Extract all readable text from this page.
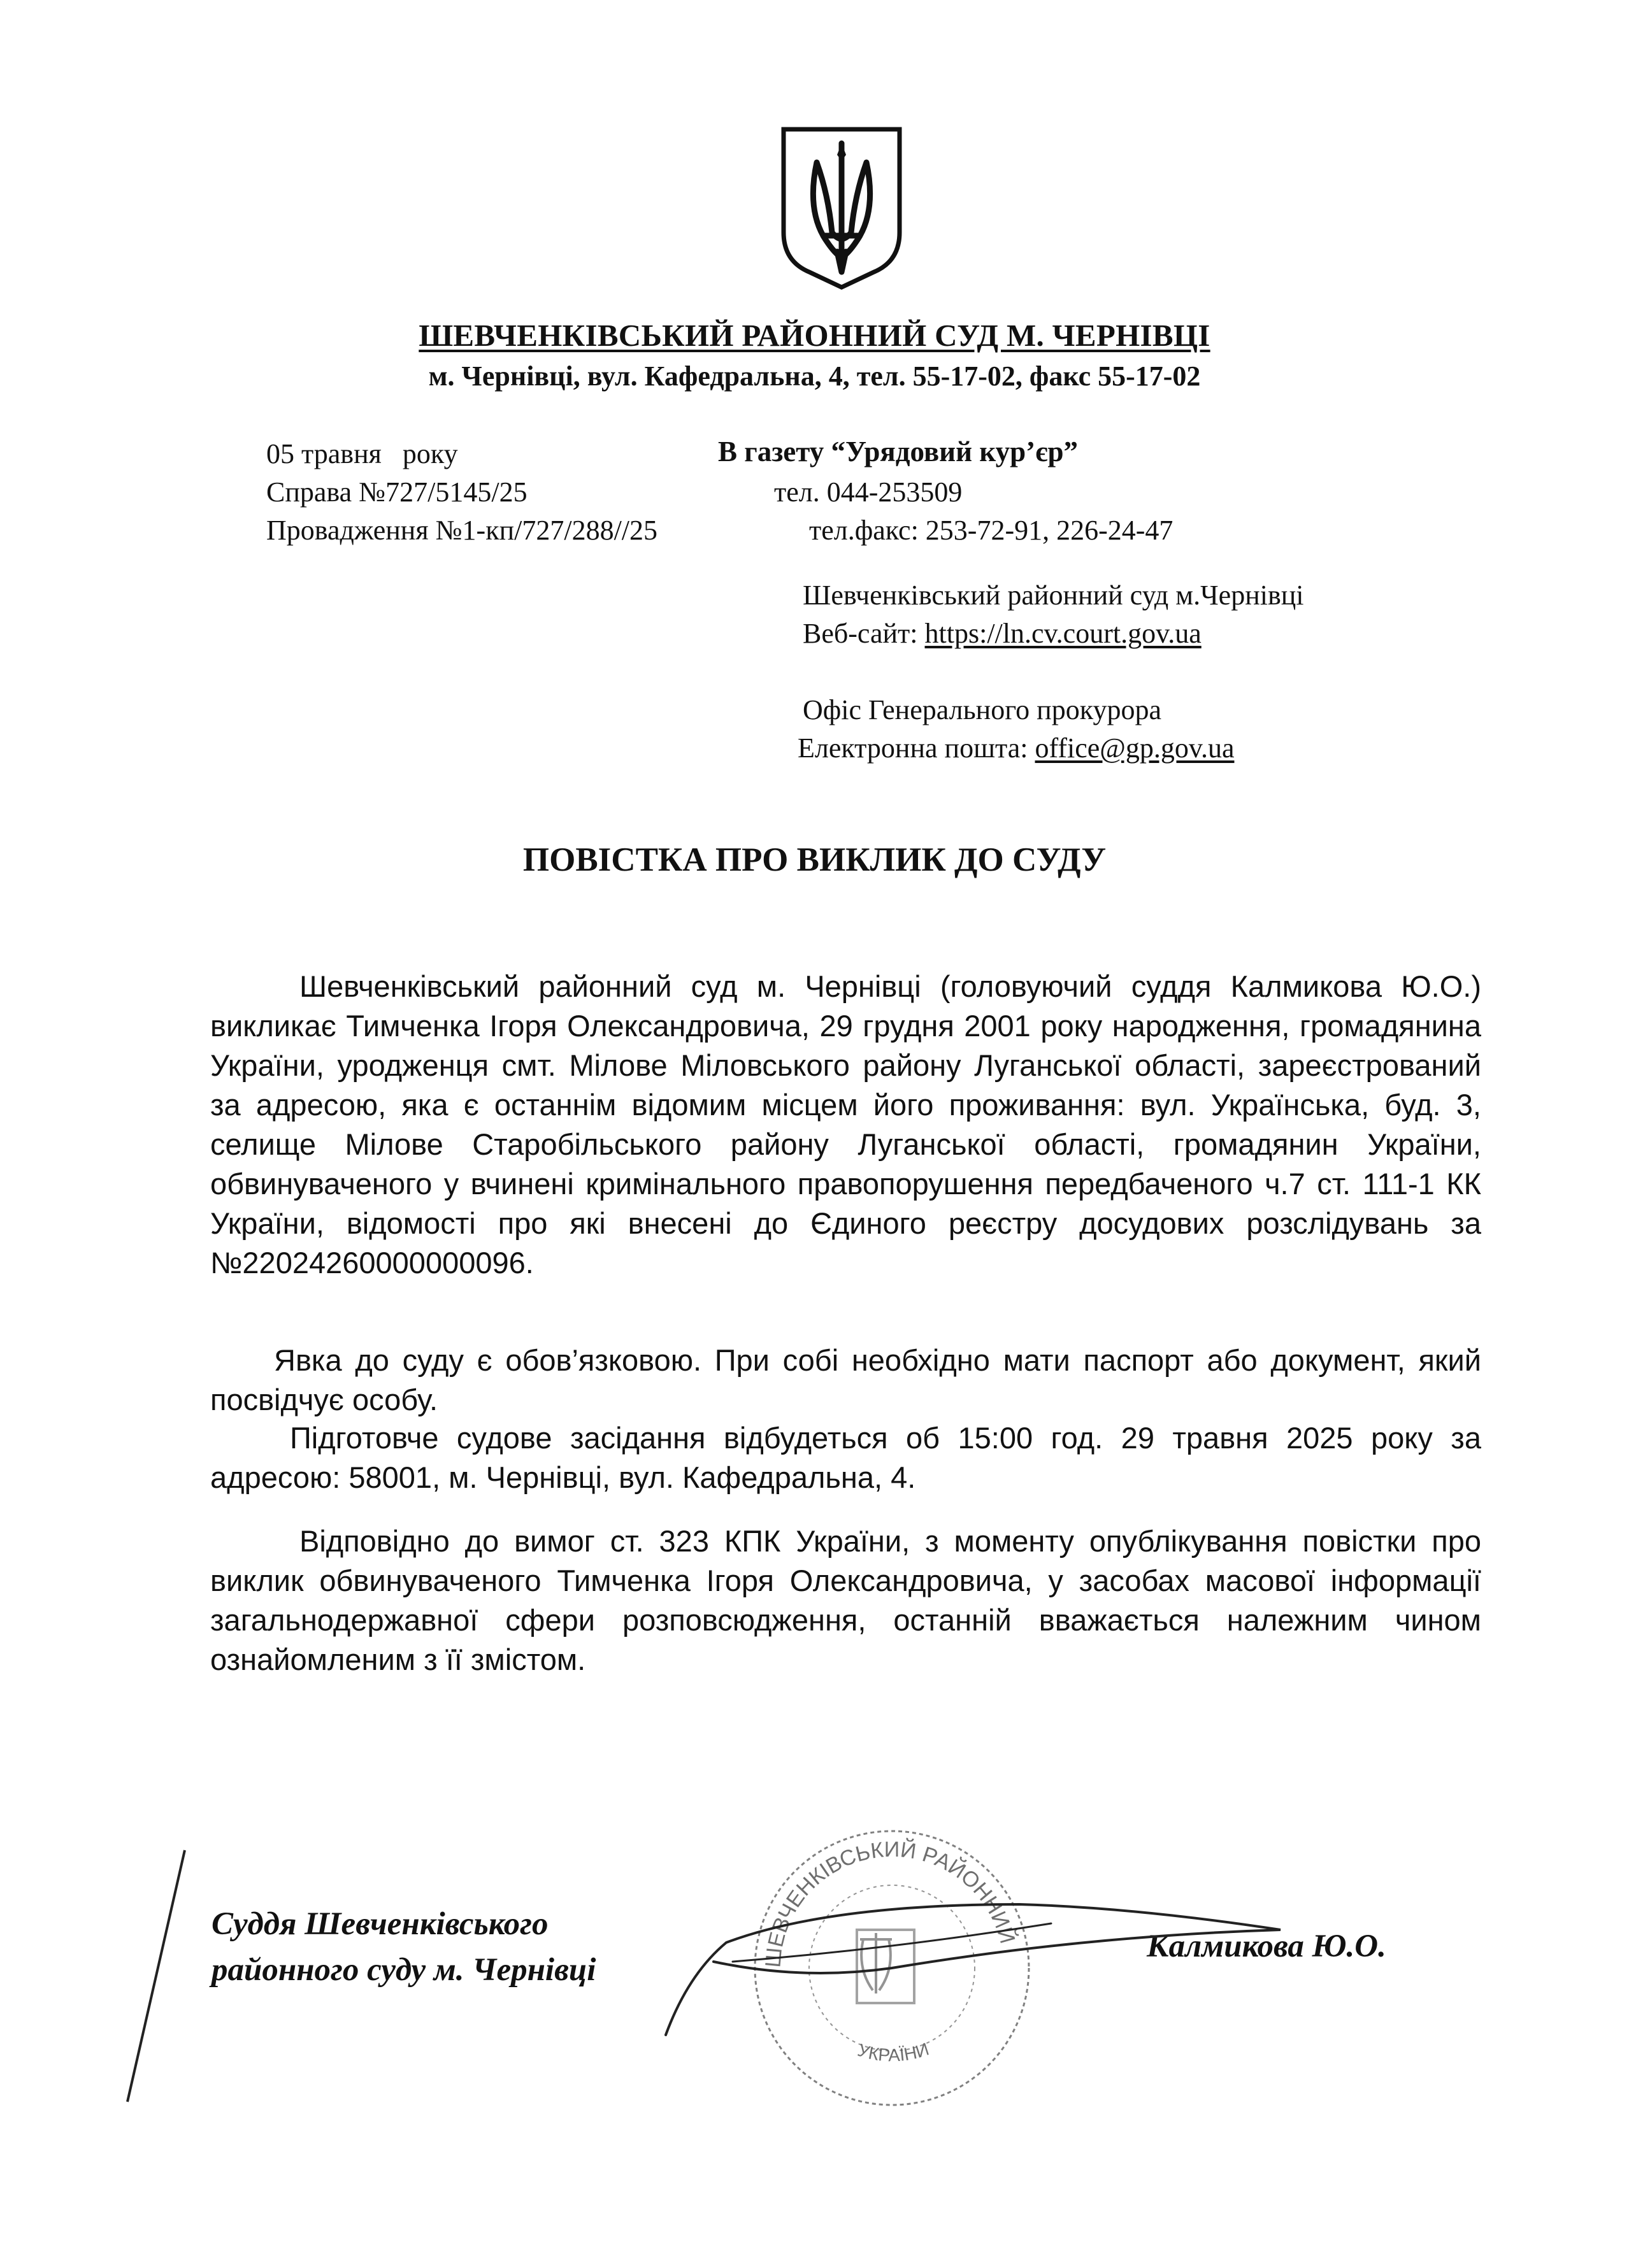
ШЕВЧЕНКІВСЬКИЙ РАЙОННИЙ СУД М. ЧЕРНІВЦІ
м. Чернівці, вул. Кафедральна, 4, тел. 55-17-02, факс 55-17-02
05 травня   року
Справа №727/5145/25
Провадження №1-кп/727/288//25
В газету “Урядовий кур’єр”
тел. 044-253509
тел.факс: 253-72-91, 226-24-47
Шевченківський районний суд м.Чернівці
Веб-сайт: https://ln.cv.court.gov.ua
Офіс Генерального прокурора
Електронна пошта: office@gp.gov.ua
ПОВІСТКА ПРО ВИКЛИК ДО СУДУ

Шевченківський районний суд м. Чернівці (головуючий суддя Калмикова Ю.О.) викликає Тимченка Ігоря Олександровича, 29 грудня 2001 року народження, громадянина України, уродженця смт. Мілове Міловського району Луганської області, зареєстрований за адресою, яка є останнім відомим місцем його проживання: вул. Українська, буд. 3, селище Мілове Старобільського району Луганської області, громадянин України, обвинуваченого у вчинені кримінального правопорушення передбаченого ч.7 ст. 111-1 КК України, відомості про які внесені до Єдиного реєстру досудових розслідувань за №22024260000000096.

Явка до суду є обов’язковою. При собі необхідно мати паспорт або документ, який посвідчує особу.

Підготовче судове засідання відбудеться об 15:00 год. 29 травня 2025 року за адресою: 58001, м. Чернівці, вул. Кафедральна, 4.

Відповідно до вимог ст. 323 КПК України, з моменту опублікування повістки про виклик обвинуваченого Тимченка Ігоря Олександровича, у засобах масової інформації загальнодержавної сфери розповсюдження, останній вважається належним чином ознайомленим з її змістом.

ШЕВЧЕНКІВСЬКИЙ РАЙОННИЙ
УКРАЇНИ
Суддя Шевченківського
районного суду м. Чернівці
Калмикова Ю.О.
